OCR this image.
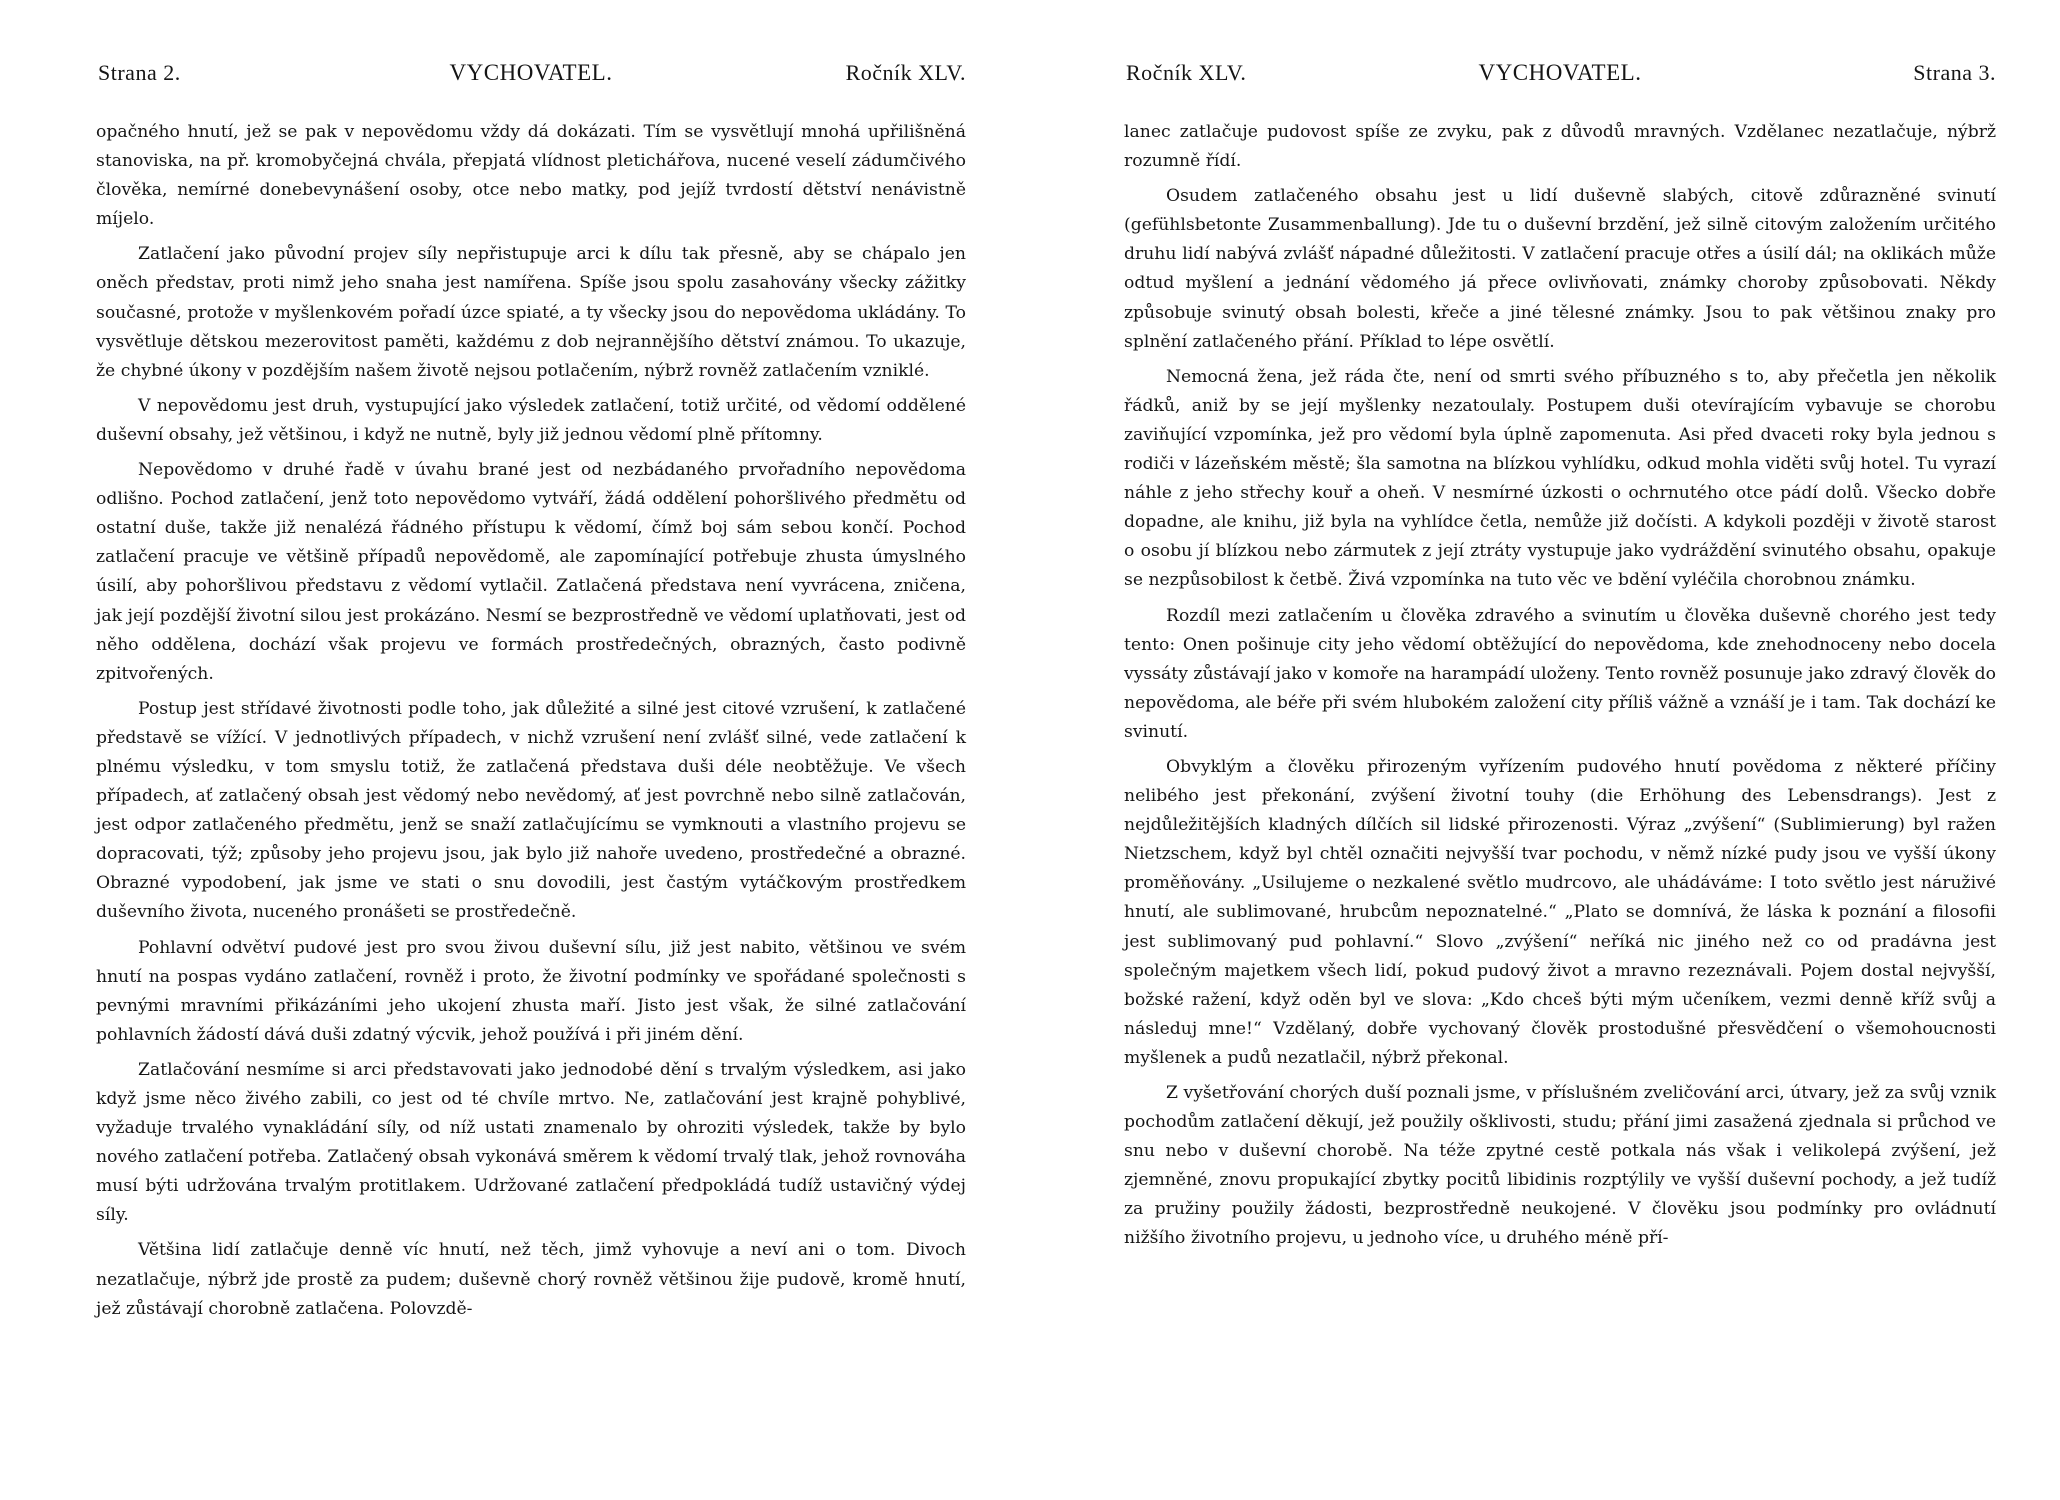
Strana 2.	VYCHOVATEL.	Ročník XLV.

opačného hnutí, jež se pak v nepovědomu vždy dá dokázati. Tím se vysvětlují mnohá upřilišněná stanoviska, na př. kromobyčejná chvála, přepjatá vlídnost pletichářova, nucené veselí zádumčivého člověka, nemírné donebevynášení osoby, otce nebo matky, pod jejíž tvrdostí dětství nenávistně míjelo.

Zatlačení jako původní projev síly nepřistupuje arci k dílu tak přesně, aby se chápalo jen oněch představ, proti nimž jeho snaha jest namířena. Spíše jsou spolu zasahovány všecky zážitky současné, protože v myšlenkovém pořadí úzce spiaté, a ty všecky jsou do nepovědoma ukládány. To vysvětluje dětskou mezerovitost paměti, každému z dob nejrannějšího dětství známou. To ukazuje, že chybné úkony v pozdějším našem životě nejsou potlačením, nýbrž rovněž zatlačením vzniklé.

V nepovědomu jest druh, vystupující jako výsledek zatlačení, totiž určité, od vědomí oddělené duševní obsahy, jež většinou, i když ne nutně, byly již jednou vědomí plně přítomny.

Nepovědomo v druhé řadě v úvahu brané jest od nezbádaného prvořadního nepovědoma odlišno. Pochod zatlačení, jenž toto nepovědomo vytváří, žádá oddělení pohoršlivého předmětu od ostatní duše, takže již nenalézá řádného přístupu k vědomí, čímž boj sám sebou končí. Pochod zatlačení pracuje ve většině případů nepovědomě, ale zapomínající potřebuje zhusta úmyslného úsilí, aby pohoršlivou představu z vědomí vytlačil. Zatlačená představa není vyvrácena, zničena, jak její pozdější životní silou jest prokázáno. Nesmí se bezprostředně ve vědomí uplatňovati, jest od něho oddělena, dochází však projevu ve formách prostředečných, obrazných, často podivně zpitvořených.

Postup jest střídavé životnosti podle toho, jak důležité a silné jest citové vzrušení, k zatlačené představě se vížící. V jednotlivých případech, v nichž vzrušení není zvlášť silné, vede zatlačení k plnému výsledku, v tom smyslu totiž, že zatlačená představa duši déle neobtěžuje. Ve všech případech, ať zatlačený obsah jest vědomý nebo nevědomý, ať jest povrchně nebo silně zatlačován, jest odpor zatlačeného předmětu, jenž se snaží zatlačujícímu se vymknouti a vlastního projevu se dopracovati, týž; způsoby jeho projevu jsou, jak bylo již nahoře uvedeno, prostředečné a obrazné. Obrazné vypodobení, jak jsme ve stati o snu dovodili, jest častým vytáčkovým prostředkem duševního života, nuceného pronášeti se prostředečně.

Pohlavní odvětví pudové jest pro svou živou duševní sílu, již jest nabito, většinou ve svém hnutí na pospas vydáno zatlačení, rovněž i proto, že životní podmínky ve spořádané společnosti s pevnými mravními přikázáními jeho ukojení zhusta maří. Jisto jest však, že silné zatlačování pohlavních žádostí dává duši zdatný výcvik, jehož používá i při jiném dění.

Zatlačování nesmíme si arci představovati jako jednodobé dění s trvalým výsledkem, asi jako když jsme něco živého zabili, co jest od té chvíle mrtvo. Ne, zatlačování jest krajně pohyblivé, vyžaduje trvalého vynakládání síly, od níž ustati znamenalo by ohroziti výsledek, takže by bylo nového zatlačení potřeba. Zatlačený obsah vykonává směrem k vědomí trvalý tlak, jehož rovnováha musí býti udržována trvalým protitlakem. Udržované zatlačení předpokládá tudíž ustavičný výdej síly.

Většina lidí zatlačuje denně víc hnutí, než těch, jimž vyhovuje a neví ani o tom. Divoch nezatlačuje, nýbrž jde prostě za pudem; duševně chorý rovněž většinou žije pudově, kromě hnutí, jež zůstávají chorobně zatlačena. Polovzdě-

Ročník XLV.	VYCHOVATEL.	Strana 3.

lanec zatlačuje pudovost spíše ze zvyku, pak z důvodů mravných. Vzdělanec nezatlačuje, nýbrž rozumně řídí.

Osudem zatlačeného obsahu jest u lidí duševně slabých, citově zdůrazněné svinutí (gefühlsbetonte Zusammenballung). Jde tu o duševní brzdění, jež silně citovým založením určitého druhu lidí nabývá zvlášť nápadné důležitosti. V zatlačení pracuje otřes a úsilí dál; na oklikách může odtud myšlení a jednání vědomého já přece ovlivňovati, známky choroby způsobovati. Někdy způsobuje svinutý obsah bolesti, křeče a jiné tělesné známky. Jsou to pak většinou znaky pro splnění zatlačeného přání. Příklad to lépe osvětlí.

Nemocná žena, jež ráda čte, není od smrti svého příbuzného s to, aby přečetla jen několik řádků, aniž by se její myšlenky nezatoulaly. Postupem duši otevírajícím vybavuje se chorobu zaviňující vzpomínka, jež pro vědomí byla úplně zapomenuta. Asi před dvaceti roky byla jednou s rodiči v lázeňském městě; šla samotna na blízkou vyhlídku, odkud mohla viděti svůj hotel. Tu vyrazí náhle z jeho střechy kouř a oheň. V nesmírné úzkosti o ochrnutého otce pádí dolů. Všecko dobře dopadne, ale knihu, již byla na vyhlídce četla, nemůže již dočísti. A kdykoli později v životě starost o osobu jí blízkou nebo zármutek z její ztráty vystupuje jako vydráždění svinutého obsahu, opakuje se nezpůsobilost k četbě. Živá vzpomínka na tuto věc ve bdění vyléčila chorobnou známku.

Rozdíl mezi zatlačením u člověka zdravého a svinutím u člověka duševně chorého jest tedy tento: Onen pošinuje city jeho vědomí obtěžující do nepovědoma, kde znehodnoceny nebo docela vyssáty zůstávají jako v komoře na harampádí uloženy. Tento rovněž posunuje jako zdravý člověk do nepovědoma, ale béře při svém hlubokém založení city příliš vážně a vznáší je i tam. Tak dochází ke svinutí.

Obvyklým a člověku přirozeným vyřízením pudového hnutí povědoma z některé příčiny nelibého jest překonání, zvýšení životní touhy (die Erhöhung des Lebensdrangs). Jest z nejdůležitějších kladných dílčích sil lidské přirozenosti. Výraz „zvýšení“ (Sublimierung) byl ražen Nietzschem, když byl chtěl označiti nejvyšší tvar pochodu, v němž nízké pudy jsou ve vyšší úkony proměňovány. „Usilujeme o nezkalené světlo mudrcovo, ale uhádáváme: I toto světlo jest náruživé hnutí, ale sublimované, hrubcům nepoznatelné.“ „Plato se domnívá, že láska k poznání a filosofii jest sublimovaný pud pohlavní.“ Slovo „zvýšení“ neříká nic jiného než co od pradávna jest společným majetkem všech lidí, pokud pudový život a mravno rezeznávali. Pojem dostal nejvyšší, božské ražení, když oděn byl ve slova: „Kdo chceš býti mým učeníkem, vezmi denně kříž svůj a následuj mne!“ Vzdělaný, dobře vychovaný člověk prostodušné přesvědčení o všemohoucnosti myšlenek a pudů nezatlačil, nýbrž překonal.

Z vyšetřování chorých duší poznali jsme, v příslušném zveličování arci, útvary, jež za svůj vznik pochodům zatlačení děkují, jež použily ošklivosti, studu; přání jimi zasažená zjednala si průchod ve snu nebo v duševní chorobě. Na téže zpytné cestě potkala nás však i velikolepá zvýšení, jež zjemněné, znovu propukající zbytky pocitů libidinis rozptýlily ve vyšší duševní pochody, a jež tudíž za pružiny použily žádosti, bezprostředně neukojené. V člověku jsou podmínky pro ovládnutí nižšího životního projevu, u jednoho více, u druhého méně pří-
